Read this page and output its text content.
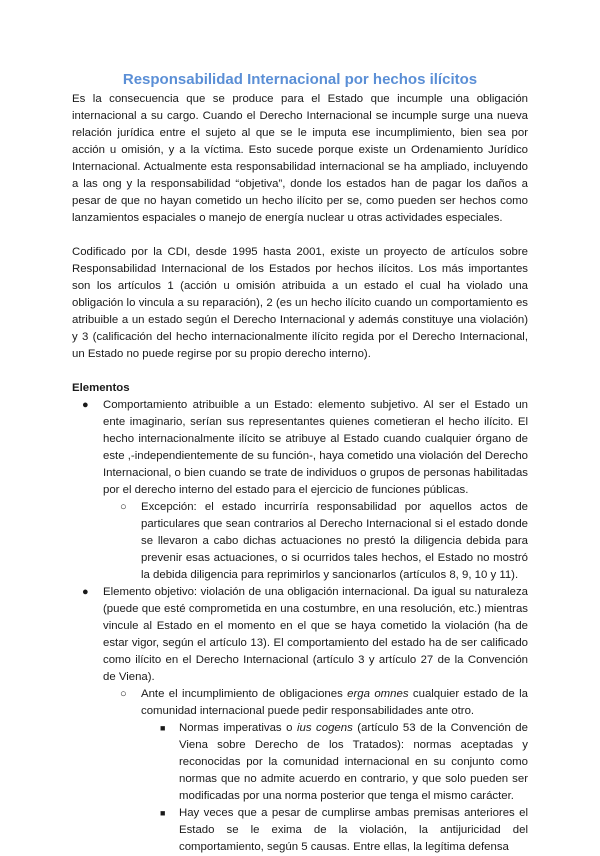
Responsabilidad Internacional por hechos ilícitos

Es la consecuencia que se produce para el Estado que incumple una obligación internacional a su cargo. Cuando el Derecho Internacional se incumple surge una nueva relación jurídica entre el sujeto al que se le imputa ese incumplimiento, bien sea por acción u omisión, y a la víctima. Esto sucede porque existe un Ordenamiento Jurídico Internacional. Actualmente esta responsabilidad internacional se ha ampliado, incluyendo a las ong y la responsabilidad “objetiva”, donde los estados han de pagar los daños a pesar de que no hayan cometido un hecho ilícito per se, como pueden ser hechos como lanzamientos espaciales o manejo de energía nuclear u otras actividades especiales.

Codificado por la CDI, desde 1995 hasta 2001, existe un proyecto de artículos sobre Responsabilidad Internacional de los Estados por hechos ilícitos. Los más importantes son los artículos 1 (acción u omisión atribuida a un estado el cual ha violado una obligación lo vincula a su reparación), 2 (es un hecho ilícito cuando un comportamiento es atribuible a un estado según el Derecho Internacional y además constituye una violación) y 3 (calificación del hecho internacionalmente ilícito regida por el Derecho Internacional, un Estado no puede regirse por su propio derecho interno).

Elementos
● Comportamiento atribuible a un Estado: elemento subjetivo. Al ser el Estado un ente imaginario, serían sus representantes quienes cometieran el hecho ilícito. El hecho internacionalmente ilícito se atribuye al Estado cuando cualquier órgano de este ,-independientemente de su función-, haya cometido una violación del Derecho Internacional, o bien cuando se trate de individuos o grupos de personas habilitadas por el derecho interno del estado para el ejercicio de funciones públicas.
○ Excepción: el estado incurriría responsabilidad por aquellos actos de particulares que sean contrarios al Derecho Internacional si el estado donde se llevaron a cabo dichas actuaciones no prestó la diligencia debida para prevenir esas actuaciones, o si ocurridos tales hechos, el Estado no mostró la debida diligencia para reprimirlos y sancionarlos (artículos 8, 9, 10 y 11).
● Elemento objetivo: violación de una obligación internacional. Da igual su naturaleza (puede que esté comprometida en una costumbre, en una resolución, etc.) mientras vincule al Estado en el momento en el que se haya cometido la violación (ha de estar vigor, según el artículo 13). El comportamiento del estado ha de ser calificado como ilícito en el Derecho Internacional (artículo 3 y artículo 27 de la Convención de Viena).
○ Ante el incumplimiento de obligaciones erga omnes cualquier estado de la comunidad internacional puede pedir responsabilidades ante otro.
■ Normas imperativas o ius cogens (artículo 53 de la Convención de Viena sobre Derecho de los Tratados): normas aceptadas y reconocidas por la comunidad internacional en su conjunto como normas que no admite acuerdo en contrario, y que solo pueden ser modificadas por una norma posterior que tenga el mismo carácter.
■ Hay veces que a pesar de cumplirse ambas premisas anteriores el Estado se le exima de la violación, la antijuricidad del comportamiento, según 5 causas. Entre ellas, la legítima defensa
